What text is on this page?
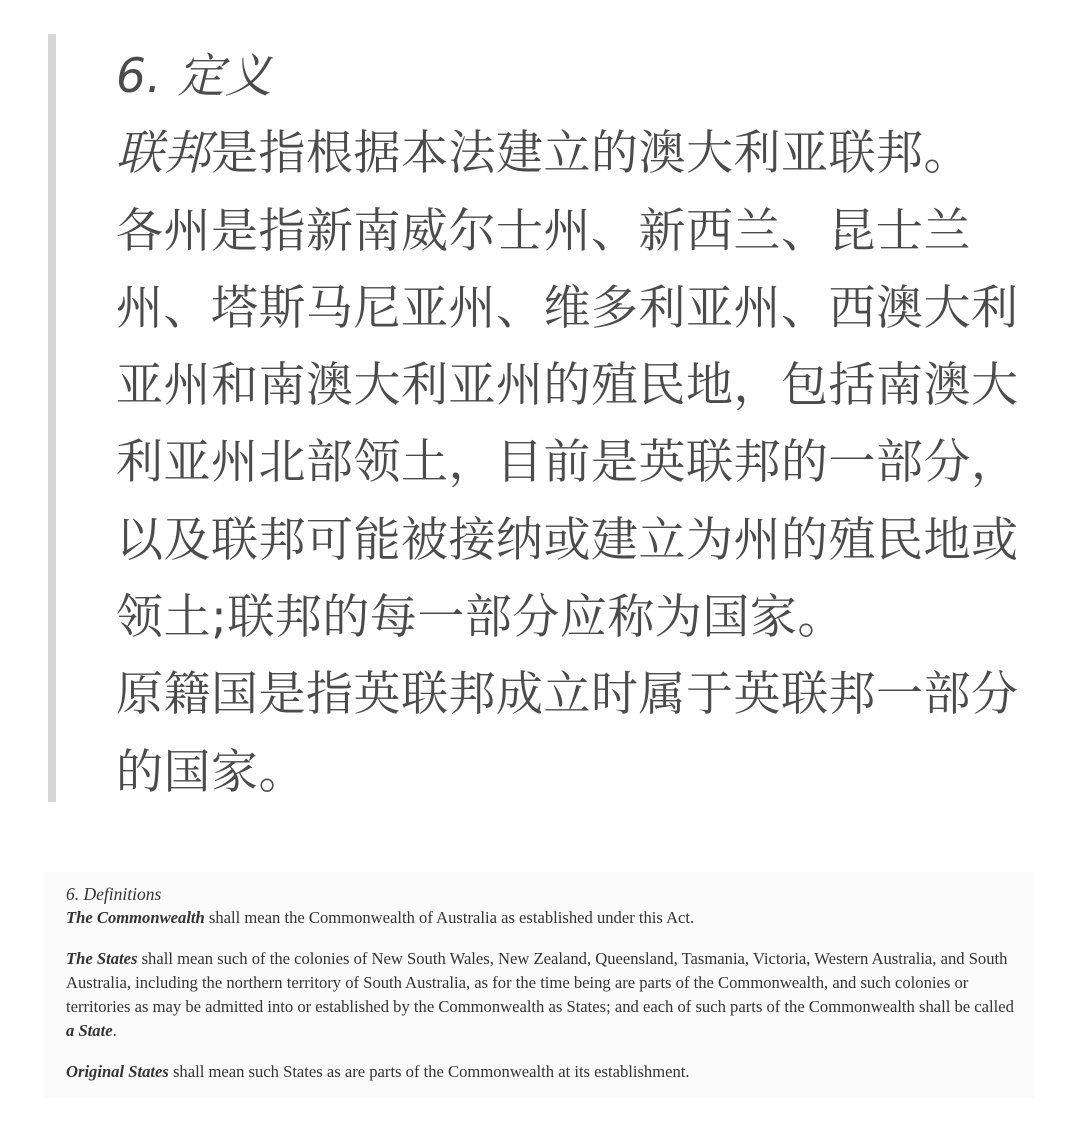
6. 定义

联邦是指根据本法建立的澳大利亚联邦。

各州是指新南威尔士州、新西兰、昆士兰州、塔斯马尼亚州、维多利亚州、西澳大利亚州和南澳大利亚州的殖民地，包括南澳大利亚州北部领土，目前是英联邦的一部分，以及联邦可能被接纳或建立为州的殖民地或领土;联邦的每一部分应称为国家。

原籍国是指英联邦成立时属于英联邦一部分的国家。

6. Definitions

The Commonwealth shall mean the Commonwealth of Australia as established under this Act.

The States shall mean such of the colonies of New South Wales, New Zealand, Queensland, Tasmania, Victoria, Western Australia, and South Australia, including the northern territory of South Australia, as for the time being are parts of the Commonwealth, and such colonies or territories as may be admitted into or established by the Commonwealth as States; and each of such parts of the Commonwealth shall be called a State.

Original States shall mean such States as are parts of the Commonwealth at its establishment.
